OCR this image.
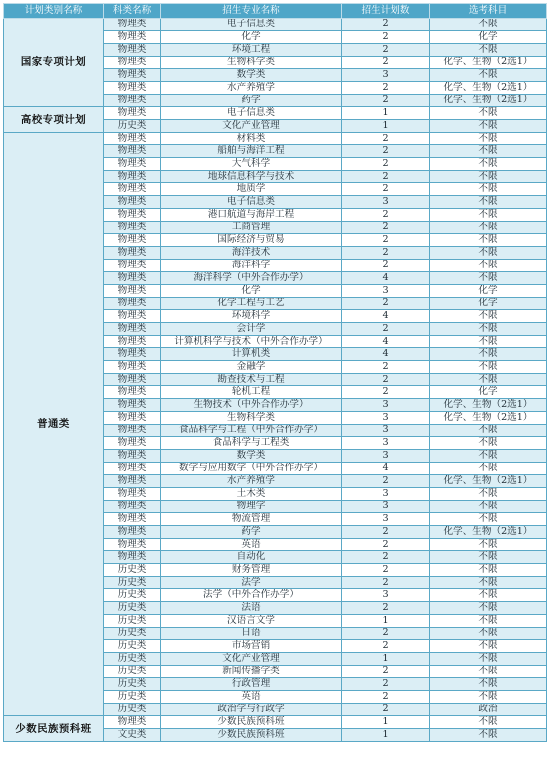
计划类别名称	科类名称	招生专业名称	招生计划数	选考科目
国家专项计划	物理类	电子信息类	2	不限
	物理类	化学	2	化学
	物理类	环境工程	2	不限
	物理类	生物科学类	2	化学、生物（2选1）
	物理类	数学类	3	不限
	物理类	水产养殖学	2	化学、生物（2选1）
	物理类	药学	2	化学、生物（2选1）
高校专项计划	物理类	电子信息类	1	不限
	历史类	文化产业管理	1	不限
普通类	物理类	材料类	2	不限
	物理类	船舶与海洋工程	2	不限
	物理类	大气科学	2	不限
	物理类	地球信息科学与技术	2	不限
	物理类	地质学	2	不限
	物理类	电子信息类	3	不限
	物理类	港口航道与海岸工程	2	不限
	物理类	工商管理	2	不限
	物理类	国际经济与贸易	2	不限
	物理类	海洋技术	2	不限
	物理类	海洋科学	2	不限
	物理类	海洋科学（中外合作办学）	4	不限
	物理类	化学	3	化学
	物理类	化学工程与工艺	2	化学
	物理类	环境科学	4	不限
	物理类	会计学	2	不限
	物理类	计算机科学与技术（中外合作办学）	4	不限
	物理类	计算机类	4	不限
	物理类	金融学	2	不限
	物理类	勘查技术与工程	2	不限
	物理类	轮机工程	2	化学
	物理类	生物技术（中外合作办学）	3	化学、生物（2选1）
	物理类	生物科学类	3	化学、生物（2选1）
	物理类	食品科学与工程（中外合作办学）	3	不限
	物理类	食品科学与工程类	3	不限
	物理类	数学类	3	不限
	物理类	数学与应用数学（中外合作办学）	4	不限
	物理类	水产养殖学	2	化学、生物（2选1）
	物理类	土木类	3	不限
	物理类	物理学	3	不限
	物理类	物流管理	3	不限
	物理类	药学	2	化学、生物（2选1）
	物理类	英语	2	不限
	物理类	自动化	2	不限
	历史类	财务管理	2	不限
	历史类	法学	2	不限
	历史类	法学（中外合作办学）	3	不限
	历史类	法语	2	不限
	历史类	汉语言文学	1	不限
	历史类	日语	2	不限
	历史类	市场营销	2	不限
	历史类	文化产业管理	1	不限
	历史类	新闻传播学类	2	不限
	历史类	行政管理	2	不限
	历史类	英语	2	不限
	历史类	政治学与行政学	2	政治
少数民族预科班	物理类	少数民族预科班	1	不限
	文史类	少数民族预科班	1	不限
